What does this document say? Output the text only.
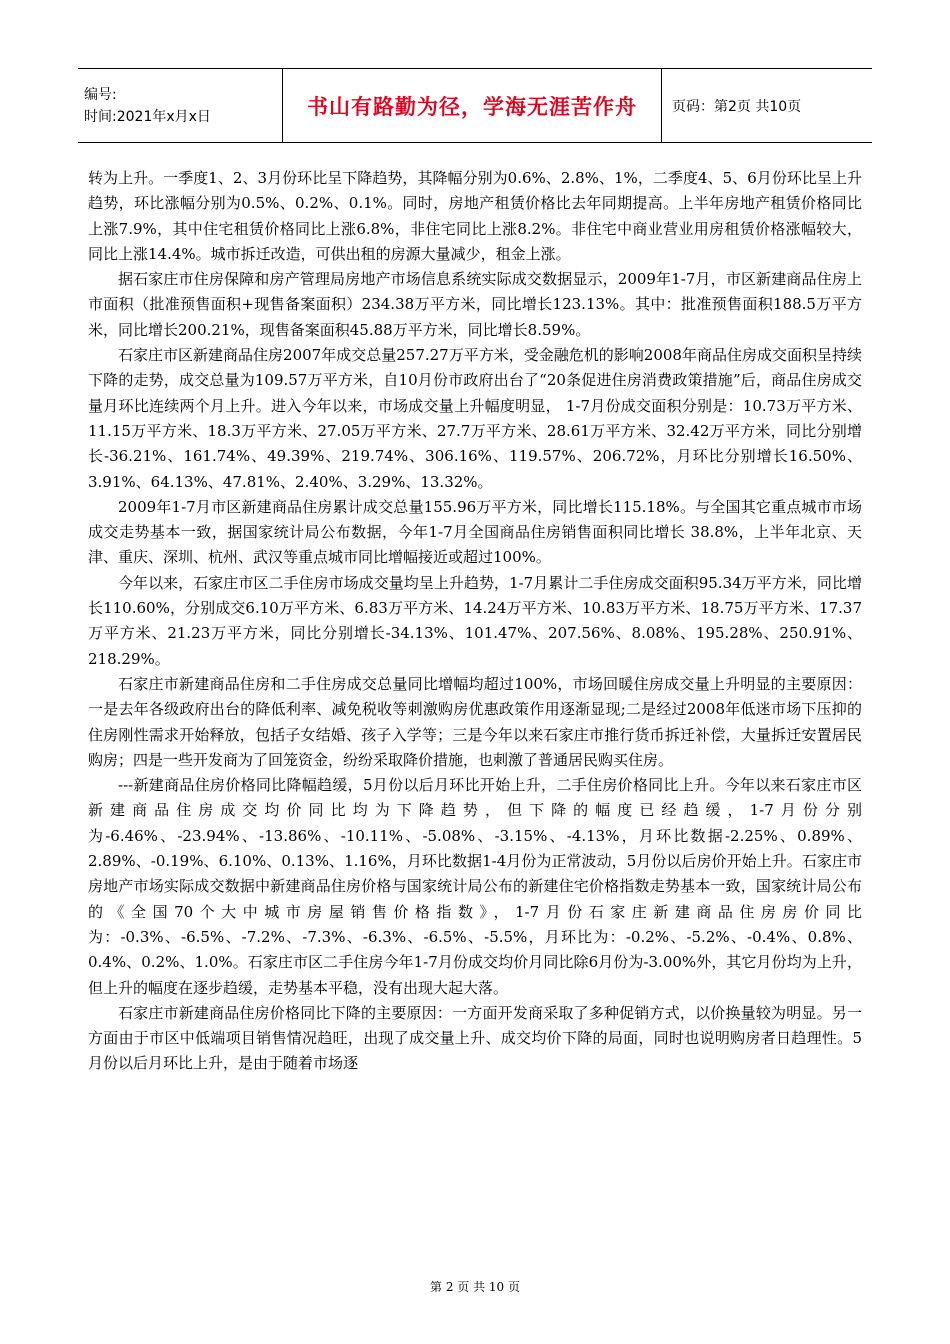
编号:
时间:2021年x月x日	书山有路勤为径，学海无涯苦作舟	页码：第2页 共10页

转为上升。一季度1、2、3月份环比呈下降趋势，其降幅分别为0.6%、2.8%、1%，二季度4、5、6月份环比呈上升趋势，环比涨幅分别为0.5%、0.2%、0.1%。同时，房地产租赁价格比去年同期提高。上半年房地产租赁价格同比上涨7.9%，其中住宅租赁价格同比上涨6.8%，非住宅同比上涨8.2%。非住宅中商业营业用房租赁价格涨幅较大，同比上涨14.4%。城市拆迁改造，可供出租的房源大量减少，租金上涨。

据石家庄市住房保障和房产管理局房地产市场信息系统实际成交数据显示，2009年1-7月，市区新建商品住房上市面积（批准预售面积+现售备案面积）234.38万平方米，同比增长123.13%。其中：批准预售面积188.5万平方米，同比增长200.21%，现售备案面积45.88万平方米，同比增长8.59%。

石家庄市区新建商品住房2007年成交总量257.27万平方米，受金融危机的影响2008年商品住房成交面积呈持续下降的走势，成交总量为109.57万平方米，自10月份市政府出台了“20条促进住房消费政策措施”后，商品住房成交量月环比连续两个月上升。进入今年以来，市场成交量上升幅度明显， 1-7月份成交面积分别是：10.73万平方米、11.15万平方米、18.3万平方米、27.05万平方米、27.7万平方米、28.61万平方米、32.42万平方米，同比分别增长-36.21%、161.74%、49.39%、219.74%、306.16%、119.57%、206.72%，月环比分别增长16.50%、3.91%、64.13%、47.81%、2.40%、3.29%、13.32%。

2009年1-7月市区新建商品住房累计成交总量155.96万平方米，同比增长115.18%。与全国其它重点城市市场成交走势基本一致，据国家统计局公布数据，今年1-7月全国商品住房销售面积同比增长 38.8%，上半年北京、天津、重庆、深圳、杭州、武汉等重点城市同比增幅接近或超过100%。

今年以来，石家庄市区二手住房市场成交量均呈上升趋势，1-7月累计二手住房成交面积95.34万平方米，同比增长110.60%，分别成交6.10万平方米、6.83万平方米、14.24万平方米、10.83万平方米、18.75万平方米、17.37万平方米、21.23万平方米，同比分别增长-34.13%、101.47%、207.56%、8.08%、195.28%、250.91%、218.29%。

石家庄市新建商品住房和二手住房成交总量同比增幅均超过100%，市场回暖住房成交量上升明显的主要原因：一是去年各级政府出台的降低利率、减免税收等刺激购房优惠政策作用逐渐显现;二是经过2008年低迷市场下压抑的住房刚性需求开始释放，包括子女结婚、孩子入学等；三是今年以来石家庄市推行货币拆迁补偿，大量拆迁安置居民购房；四是一些开发商为了回笼资金，纷纷采取降价措施，也刺激了普通居民购买住房。

---新建商品住房价格同比降幅趋缓，5月份以后月环比开始上升，二手住房价格同比上升。今年以来石家庄市区新建商品住房成交均价同比均为下降趋势，但下降的幅度已经趋缓，1-7月份分别为-6.46%、-23.94%、-13.86%、-10.11%、-5.08%、-3.15%、-4.13%，月环比数据-2.25%、0.89%、2.89%、-0.19%、6.10%、0.13%、1.16%，月环比数据1-4月份为正常波动，5月份以后房价开始上升。石家庄市房地产市场实际成交数据中新建商品住房价格与国家统计局公布的新建住宅价格指数走势基本一致，国家统计局公布的《全国70个大中城市房屋销售价格指数》，1-7月份石家庄新建商品住房房价同比为：-0.3%、-6.5%、-7.2%、-7.3%、-6.3%、-6.5%、-5.5%，月环比为：-0.2%、-5.2%、-0.4%、0.8%、0.4%、0.2%、1.0%。石家庄市区二手住房今年1-7月份成交均价月同比除6月份为-3.00%外，其它月份均为上升，但上升的幅度在逐步趋缓，走势基本平稳，没有出现大起大落。

石家庄市新建商品住房价格同比下降的主要原因：一方面开发商采取了多种促销方式，以价换量较为明显。另一方面由于市区中低端项目销售情况趋旺，出现了成交量上升、成交均价下降的局面，同时也说明购房者日趋理性。5月份以后月环比上升，是由于随着市场逐

第 2 页 共 10 页
